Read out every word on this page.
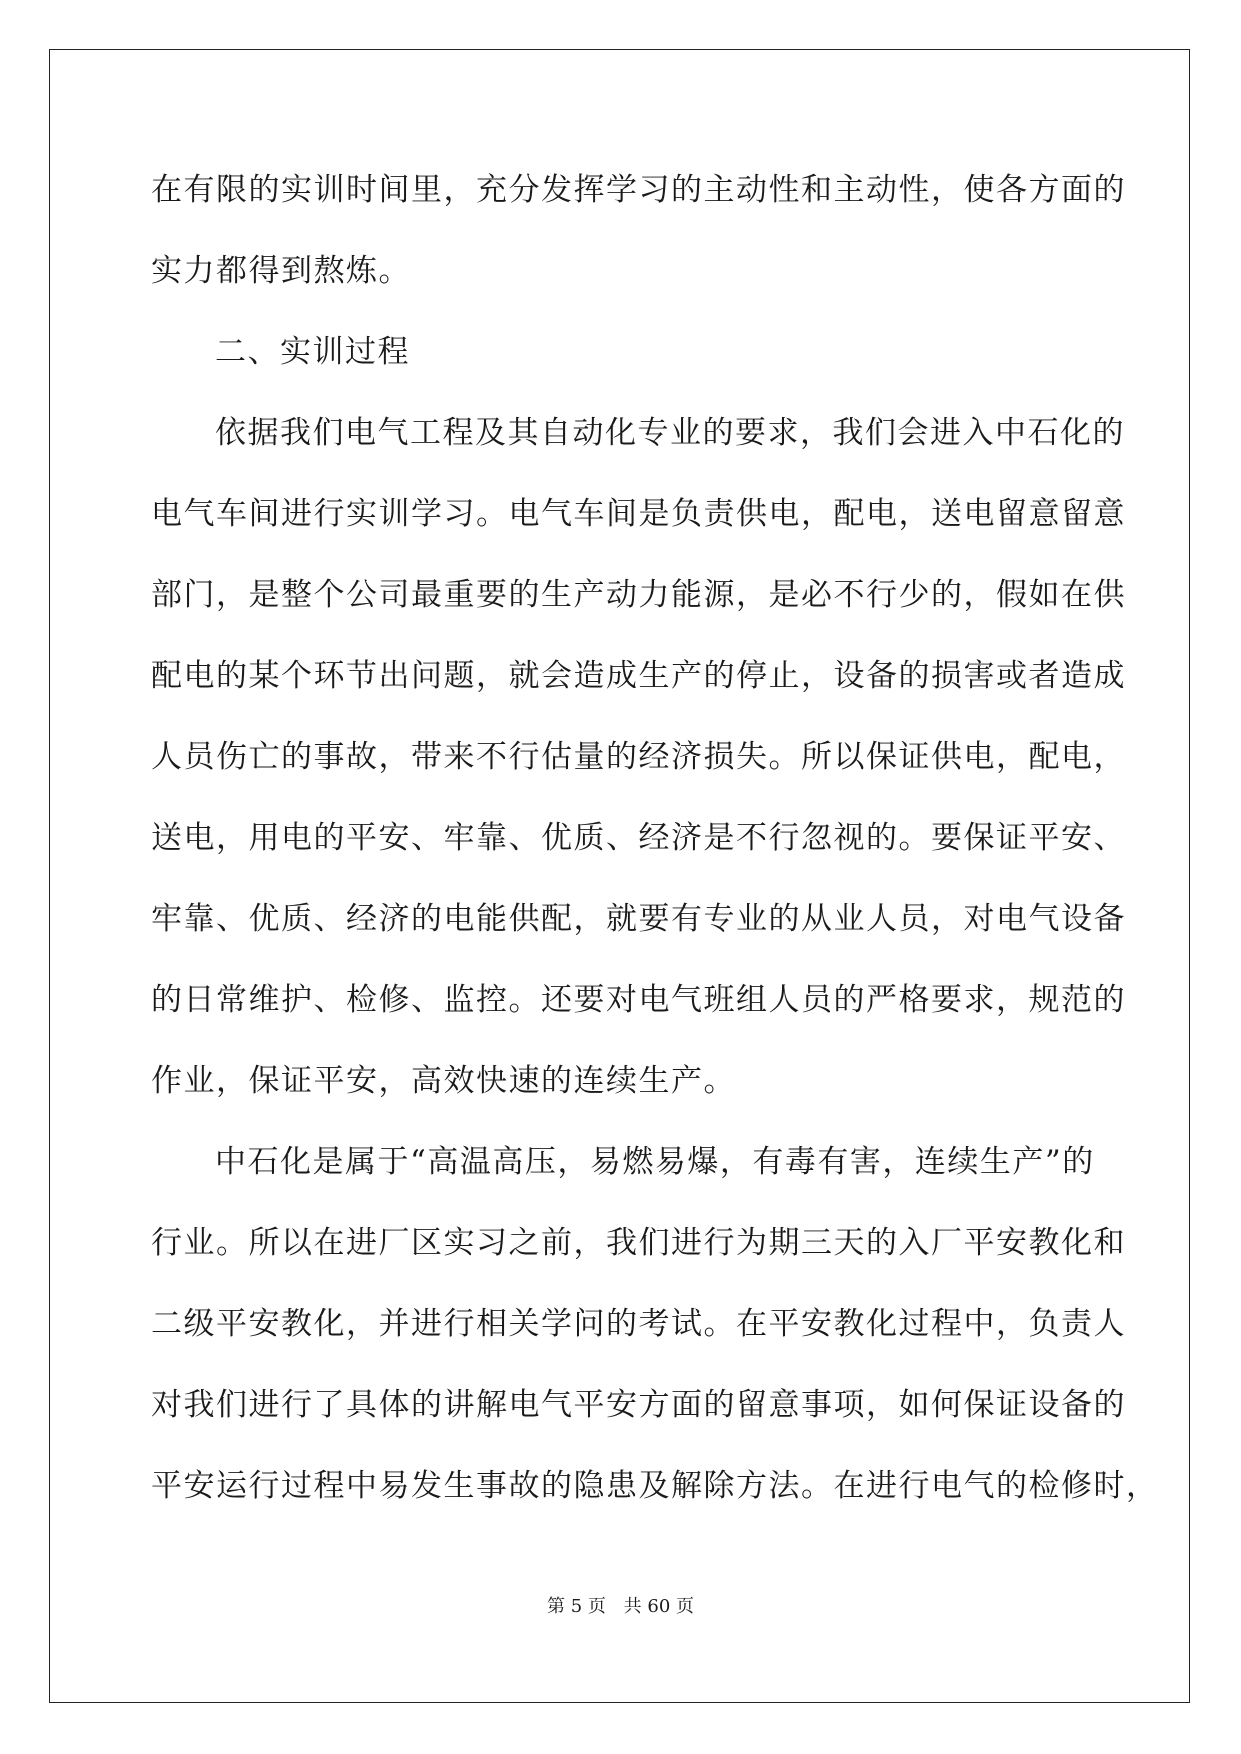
在有限的实训时间里，充分发挥学习的主动性和主动性，使各方面的
实力都得到熬炼。
二、实训过程
依据我们电气工程及其自动化专业的要求，我们会进入中石化的
电气车间进行实训学习。电气车间是负责供电，配电，送电留意留意
部门，是整个公司最重要的生产动力能源，是必不行少的，假如在供
配电的某个环节出问题，就会造成生产的停止，设备的损害或者造成
人员伤亡的事故，带来不行估量的经济损失。所以保证供电，配电，
送电，用电的平安、牢靠、优质、经济是不行忽视的。要保证平安、
牢靠、优质、经济的电能供配，就要有专业的从业人员，对电气设备
的日常维护、检修、监控。还要对电气班组人员的严格要求，规范的
作业，保证平安，高效快速的连续生产。
中石化是属于“高温高压，易燃易爆，有毒有害，连续生产”的
行业。所以在进厂区实习之前，我们进行为期三天的入厂平安教化和
二级平安教化，并进行相关学问的考试。在平安教化过程中，负责人
对我们进行了具体的讲解电气平安方面的留意事项，如何保证设备的
平安运行过程中易发生事故的隐患及解除方法。在进行电气的检修时，
第 5 页 共 60 页
